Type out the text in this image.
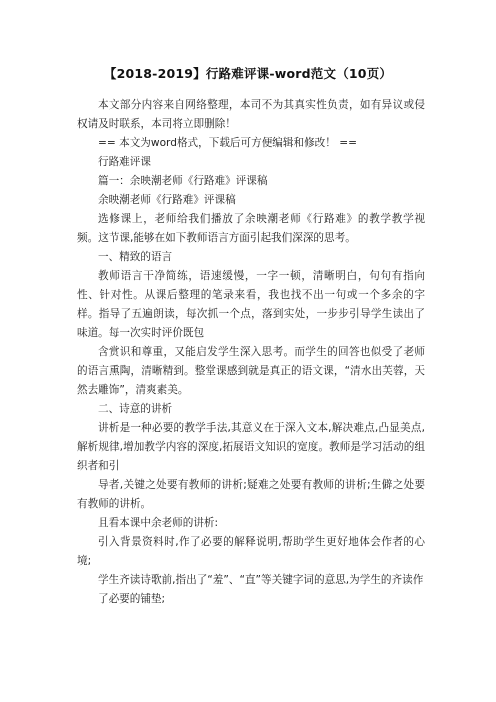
【2018-2019】行路难评课-word范文（10页）

本文部分内容来自网络整理，本司不为其真实性负责，如有异议或侵权请及时联系，本司将立即删除！

== 本文为word格式，下载后可方便编辑和修改！ ==

行路难评课

篇一：余映潮老师《行路难》评课稿

余映潮老师《行路难》评课稿

选修课上，老师给我们播放了余映潮老师《行路难》的教学教学视频。这节课,能够在如下教师语言方面引起我们深深的思考。

一、精致的语言

教师语言干净简练，语速缓慢，一字一顿，清晰明白，句句有指向性、针对性。从课后整理的笔录来看，我也找不出一句或一个多余的字样。指导了五遍朗读，每次抓一个点，落到实处，一步步引导学生读出了味道。每一次实时评价既包

含赏识和尊重，又能启发学生深入思考。而学生的回答也似受了老师的语言熏陶，清晰精到。整堂课感到就是真正的语文课，“清水出芙蓉，天然去雕饰”，清爽素美。

二、诗意的讲析

讲析是一种必要的教学手法,其意义在于深入文本,解决难点,凸显美点,解析规律,增加教学内容的深度,拓展语文知识的宽度。教师是学习活动的组织者和引

导者,关键之处要有教师的讲析;疑难之处要有教师的讲析;生僻之处要有教师的讲析。

且看本课中余老师的讲析:

引入背景资料时,作了必要的解释说明,帮助学生更好地体会作者的心境;

学生齐读诗歌前,指出了“羞”、“直”等关键字词的意思,为学生的齐读作

了必要的铺垫;
